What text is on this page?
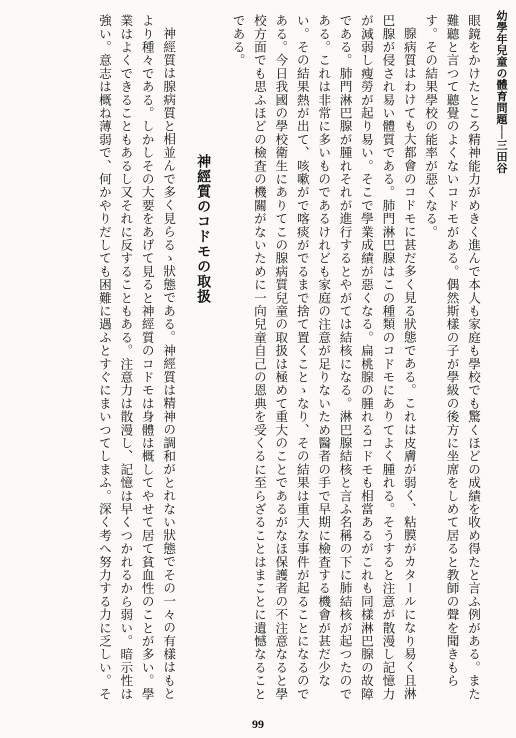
幼學年兒童の體育問題──三田谷

眼鏡をかけたところ精神能力がめきく進んで本人も家庭も學校でも驚くほどの成績を收め得たと言ふ例がある。また難聽と言つて聽覺のよくないコドモがある。偶然斯樣の子が學級の後方に坐席をしめて居ると教師の聲を聞きもらす。その結果學校の能率が惡くなる。

腺病質はわけても大都會のコドモに甚だ多く見る狀態である。これは皮膚が弱く、粘膜がカタールになり易く且淋巴腺が侵され易い體質である。肺門淋巴腺はこの種類のコドモにありてよく腫れる。そうすると注意が散漫し記憶力が減弱し瘦勞が起り易い。そこで學業成績が惡くなる。扁桃腺の腫れるコドモも相當あるがこれも同樣淋巴腺の故障である。肺門淋巴腺が腫れそれが進行するとやがては結核になる。淋巴腺結核と言ふ名稱の下に肺結核が起つたのである。これは非常に多いものであるけれども家庭の注意が足りないため醫者の手で早期に檢査する機會が甚だ少ない。その結果熱が出て、咳嗽がで喀痰がでるまで捨て置くことゝなり、その結果は重大な事件が起ることになるのである。今日我國の學校衛生にありてこの腺病質兒童の取扱は極めて重大のことであるがなほ保護者の不注意なると學校方面でも思ふほどの檢査の機關がないために一向兒童自己の恩典を受くるに至らざることはまことに遺憾なることである。

神經質のコドモの取扱

神經質は腺病質と相並んで多く見らるゝ狀態である。神經質は精神の調和がとれない狀態でその一々の有樣はもとより種々である。しかしその大要をあげて見ると神經質のコドモは身體は概してやせて居て貧血性のことが多い。學業はよくできることもあるし又それに反することもある。注意力は散漫し、記憶は早くつかれるから弱い。暗示性は強い。意志は概ね薄弱で、何かやりだしても困難に遇ふとすぐにまいつてしまふ。深く考へ努力する力に乏しい。そ

99
